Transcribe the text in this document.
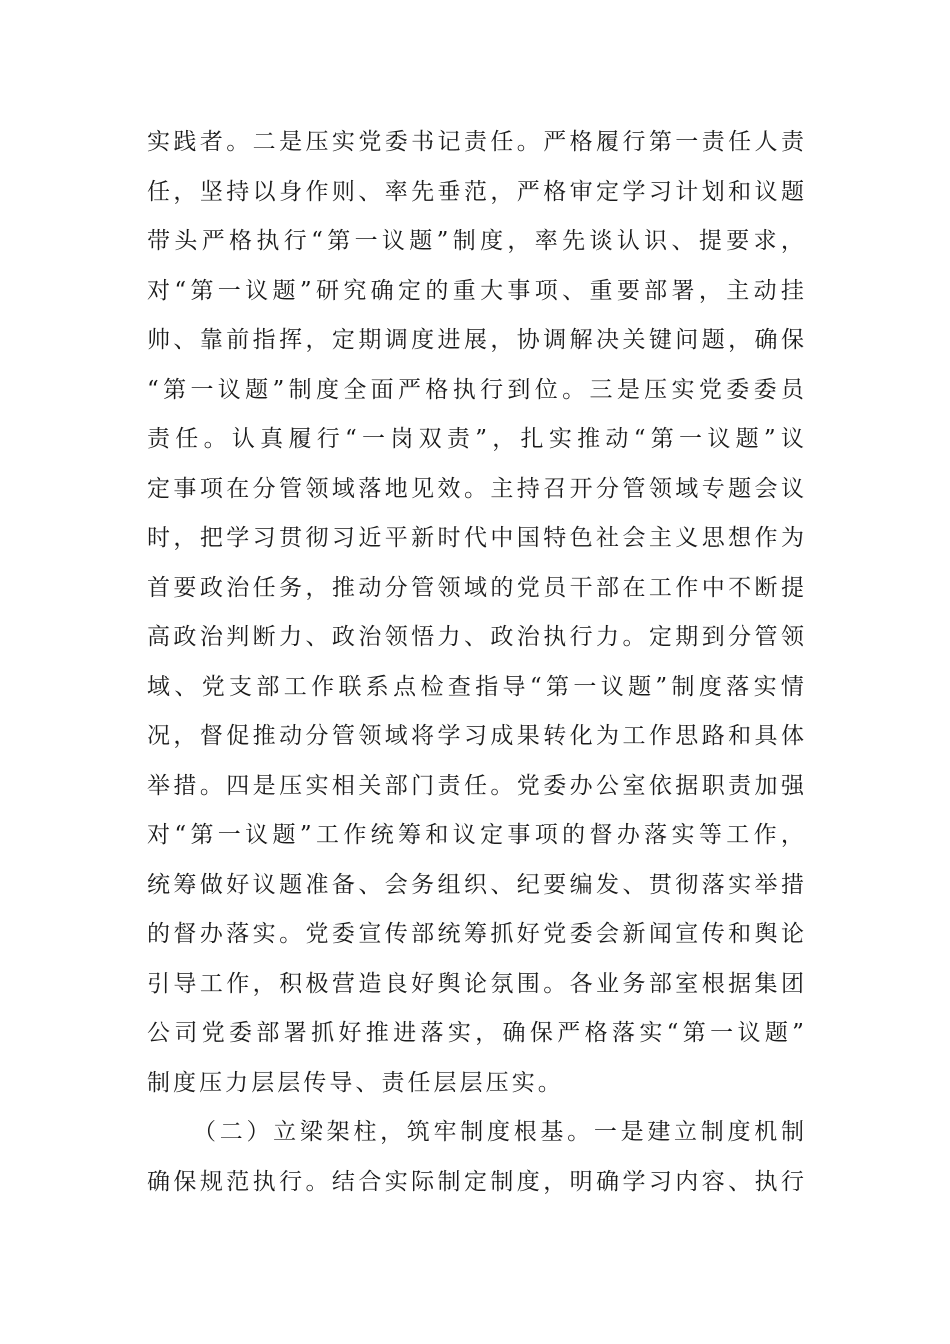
实践者。二是压实党委书记责任。严格履行第一责任人责
任，坚持以身作则、率先垂范，严格审定学习计划和议题
带头严格执行“第一议题”制度，率先谈认识、提要求，
对“第一议题”研究确定的重大事项、重要部署，主动挂
帅、靠前指挥，定期调度进展，协调解决关键问题，确保
“第一议题”制度全面严格执行到位。三是压实党委委员
责任。认真履行“一岗双责”，扎实推动“第一议题”议
定事项在分管领域落地见效。主持召开分管领域专题会议
时，把学习贯彻习近平新时代中国特色社会主义思想作为
首要政治任务，推动分管领域的党员干部在工作中不断提
高政治判断力、政治领悟力、政治执行力。定期到分管领
域、党支部工作联系点检查指导“第一议题”制度落实情
况，督促推动分管领域将学习成果转化为工作思路和具体
举措。四是压实相关部门责任。党委办公室依据职责加强
对“第一议题”工作统筹和议定事项的督办落实等工作，
统筹做好议题准备、会务组织、纪要编发、贯彻落实举措
的督办落实。党委宣传部统筹抓好党委会新闻宣传和舆论
引导工作，积极营造良好舆论氛围。各业务部室根据集团
公司党委部署抓好推进落实，确保严格落实“第一议题”
制度压力层层传导、责任层层压实。
（二）立梁架柱，筑牢制度根基。一是建立制度机制
确保规范执行。结合实际制定制度，明确学习内容、执行
